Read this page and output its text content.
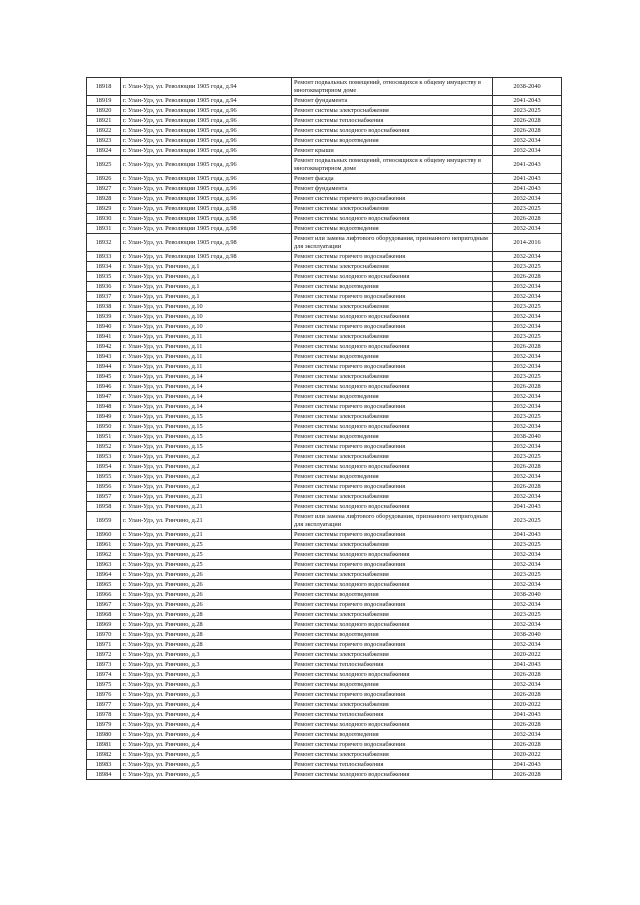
18918	г. Улан-Удэ, ул. Революции 1905 года, д.94	Ремонт подвальных помещений, относящихся к общему имуществу в многоквартирном доме	2038-2040
18919	г. Улан-Удэ, ул. Революции 1905 года, д.94	Ремонт фундамента	2041-2043
18920	г. Улан-Удэ, ул. Революции 1905 года, д.96	Ремонт системы электроснабжения	2023-2025
18921	г. Улан-Удэ, ул. Революции 1905 года, д.96	Ремонт системы теплоснабжения	2026-2028
18922	г. Улан-Удэ, ул. Революции 1905 года, д.96	Ремонт системы холодного водоснабжения	2026-2028
18923	г. Улан-Удэ, ул. Революции 1905 года, д.96	Ремонт системы водоотведения	2032-2034
18924	г. Улан-Удэ, ул. Революции 1905 года, д.96	Ремонт крыши	2032-2034
18925	г. Улан-Удэ, ул. Революции 1905 года, д.96	Ремонт подвальных помещений, относящихся к общему имуществу в многоквартирном доме	2041-2043
18926	г. Улан-Удэ, ул. Революции 1905 года, д.96	Ремонт фасада	2041-2043
18927	г. Улан-Удэ, ул. Революции 1905 года, д.96	Ремонт фундамента	2041-2043
18928	г. Улан-Удэ, ул. Революции 1905 года, д.96	Ремонт системы горячего водоснабжения	2032-2034
18929	г. Улан-Удэ, ул. Революции 1905 года, д.98	Ремонт системы электроснабжения	2023-2025
18930	г. Улан-Удэ, ул. Революции 1905 года, д.98	Ремонт системы холодного водоснабжения	2026-2028
18931	г. Улан-Удэ, ул. Революции 1905 года, д.98	Ремонт системы водоотведения	2032-2034
18932	г. Улан-Удэ, ул. Революции 1905 года, д.98	Ремонт или замена лифтового оборудования, признанного непригодным для эксплуатации	2014-2016
18933	г. Улан-Удэ, ул. Революции 1905 года, д.98	Ремонт системы горячего водоснабжения	2032-2034
18934	г. Улан-Удэ, ул. Ринчино, д.1	Ремонт системы электроснабжения	2023-2025
18935	г. Улан-Удэ, ул. Ринчино, д.1	Ремонт системы холодного водоснабжения	2026-2028
18936	г. Улан-Удэ, ул. Ринчино, д.1	Ремонт системы водоотведения	2032-2034
18937	г. Улан-Удэ, ул. Ринчино, д.1	Ремонт системы горячего водоснабжения	2032-2034
18938	г. Улан-Удэ, ул. Ринчино, д.10	Ремонт системы электроснабжения	2023-2025
18939	г. Улан-Удэ, ул. Ринчино, д.10	Ремонт системы холодного водоснабжения	2032-2034
18940	г. Улан-Удэ, ул. Ринчино, д.10	Ремонт системы горячего водоснабжения	2032-2034
18941	г. Улан-Удэ, ул. Ринчино, д.11	Ремонт системы электроснабжения	2023-2025
18942	г. Улан-Удэ, ул. Ринчино, д.11	Ремонт системы холодного водоснабжения	2026-2028
18943	г. Улан-Удэ, ул. Ринчино, д.11	Ремонт системы водоотведения	2032-2034
18944	г. Улан-Удэ, ул. Ринчино, д.11	Ремонт системы горячего водоснабжения	2032-2034
18945	г. Улан-Удэ, ул. Ринчино, д.14	Ремонт системы электроснабжения	2023-2025
18946	г. Улан-Удэ, ул. Ринчино, д.14	Ремонт системы холодного водоснабжения	2026-2028
18947	г. Улан-Удэ, ул. Ринчино, д.14	Ремонт системы водоотведения	2032-2034
18948	г. Улан-Удэ, ул. Ринчино, д.14	Ремонт системы горячего водоснабжения	2032-2034
18949	г. Улан-Удэ, ул. Ринчино, д.15	Ремонт системы электроснабжения	2023-2025
18950	г. Улан-Удэ, ул. Ринчино, д.15	Ремонт системы холодного водоснабжения	2032-2034
18951	г. Улан-Удэ, ул. Ринчино, д.15	Ремонт системы водоотведения	2038-2040
18952	г. Улан-Удэ, ул. Ринчино, д.15	Ремонт системы горячего водоснабжения	2032-2034
18953	г. Улан-Удэ, ул. Ринчино, д.2	Ремонт системы электроснабжения	2023-2025
18954	г. Улан-Удэ, ул. Ринчино, д.2	Ремонт системы холодного водоснабжения	2026-2028
18955	г. Улан-Удэ, ул. Ринчино, д.2	Ремонт системы водоотведения	2032-2034
18956	г. Улан-Удэ, ул. Ринчино, д.2	Ремонт системы горячего водоснабжения	2026-2028
18957	г. Улан-Удэ, ул. Ринчино, д.21	Ремонт системы электроснабжения	2032-2034
18958	г. Улан-Удэ, ул. Ринчино, д.21	Ремонт системы холодного водоснабжения	2041-2043
18959	г. Улан-Удэ, ул. Ринчино, д.21	Ремонт или замена лифтового оборудования, признанного непригодным для эксплуатации	2023-2025
18960	г. Улан-Удэ, ул. Ринчино, д.21	Ремонт системы горячего водоснабжения	2041-2043
18961	г. Улан-Удэ, ул. Ринчино, д.25	Ремонт системы электроснабжения	2023-2025
18962	г. Улан-Удэ, ул. Ринчино, д.25	Ремонт системы холодного водоснабжения	2032-2034
18963	г. Улан-Удэ, ул. Ринчино, д.25	Ремонт системы горячего водоснабжения	2032-2034
18964	г. Улан-Удэ, ул. Ринчино, д.26	Ремонт системы электроснабжения	2023-2025
18965	г. Улан-Удэ, ул. Ринчино, д.26	Ремонт системы холодного водоснабжения	2032-2034
18966	г. Улан-Удэ, ул. Ринчино, д.26	Ремонт системы водоотведения	2038-2040
18967	г. Улан-Удэ, ул. Ринчино, д.26	Ремонт системы горячего водоснабжения	2032-2034
18968	г. Улан-Удэ, ул. Ринчино, д.28	Ремонт системы электроснабжения	2023-2025
18969	г. Улан-Удэ, ул. Ринчино, д.28	Ремонт системы холодного водоснабжения	2032-2034
18970	г. Улан-Удэ, ул. Ринчино, д.28	Ремонт системы водоотведения	2038-2040
18971	г. Улан-Удэ, ул. Ринчино, д.28	Ремонт системы горячего водоснабжения	2032-2034
18972	г. Улан-Удэ, ул. Ринчино, д.3	Ремонт системы электроснабжения	2020-2022
18973	г. Улан-Удэ, ул. Ринчино, д.3	Ремонт системы теплоснабжения	2041-2043
18974	г. Улан-Удэ, ул. Ринчино, д.3	Ремонт системы холодного водоснабжения	2026-2028
18975	г. Улан-Удэ, ул. Ринчино, д.3	Ремонт системы водоотведения	2032-2034
18976	г. Улан-Удэ, ул. Ринчино, д.3	Ремонт системы горячего водоснабжения	2026-2028
18977	г. Улан-Удэ, ул. Ринчино, д.4	Ремонт системы электроснабжения	2020-2022
18978	г. Улан-Удэ, ул. Ринчино, д.4	Ремонт системы теплоснабжения	2041-2043
18979	г. Улан-Удэ, ул. Ринчино, д.4	Ремонт системы холодного водоснабжения	2026-2028
18980	г. Улан-Удэ, ул. Ринчино, д.4	Ремонт системы водоотведения	2032-2034
18981	г. Улан-Удэ, ул. Ринчино, д.4	Ремонт системы горячего водоснабжения	2026-2028
18982	г. Улан-Удэ, ул. Ринчино, д.5	Ремонт системы электроснабжения	2020-2022
18983	г. Улан-Удэ, ул. Ринчино, д.5	Ремонт системы теплоснабжения	2041-2043
18984	г. Улан-Удэ, ул. Ринчино, д.5	Ремонт системы холодного водоснабжения	2026-2028
